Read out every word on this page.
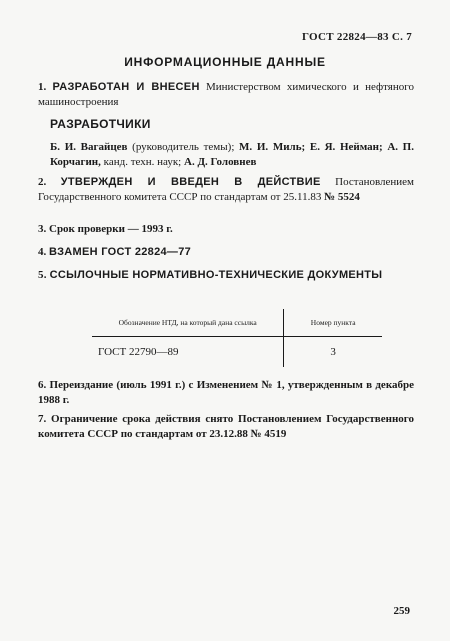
ГОСТ 22824—83 С. 7
ИНФОРМАЦИОННЫЕ ДАННЫЕ
1. РАЗРАБОТАН И ВНЕСЕН Министерством химического и нефтяного машиностроения
РАЗРАБОТЧИКИ
Б. И. Вагайцев (руководитель темы); М. И. Миль; Е. Я. Нейман; А. П. Корчагин, канд. техн. наук; А. Д. Головнев
2. УТВЕРЖДЕН И ВВЕДЕН В ДЕЙСТВИЕ Постановлением Государственного комитета СССР по стандартам от 25.11.83 № 5524
3. Срок проверки — 1993 г.
4. ВЗАМЕН ГОСТ 22824—77
5. ССЫЛОЧНЫЕ НОРМАТИВНО-ТЕХНИЧЕСКИЕ ДОКУМЕНТЫ
Обозначение НТД, на который дана ссылка	Номер пункта
ГОСТ 22790—89	3
6. Переиздание (июль 1991 г.) с Изменением № 1, утвержденным в декабре 1988 г.
7. Ограничение срока действия снято Постановлением Государственного комитета СССР по стандартам от 23.12.88 № 4519
259
